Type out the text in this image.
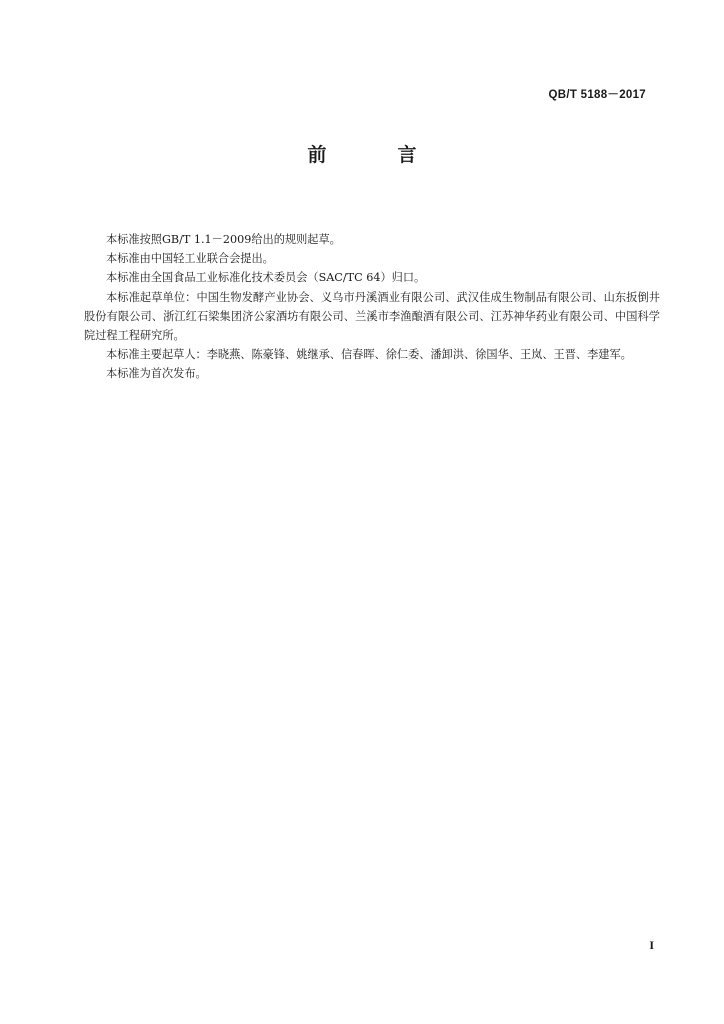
QB/T 5188－2017
前　言

本标准按照GB/T 1.1－2009给出的规则起草。

本标准由中国轻工业联合会提出。

本标准由全国食品工业标准化技术委员会（SAC/TC 64）归口。

本标准起草单位：中国生物发酵产业协会、义乌市丹溪酒业有限公司、武汉佳成生物制品有限公司、山东扳倒井股份有限公司、浙江红石梁集团济公家酒坊有限公司、兰溪市李渔酿酒有限公司、江苏神华药业有限公司、中国科学院过程工程研究所。

本标准主要起草人：李晓燕、陈豪锋、姚继承、信春晖、徐仁委、潘卸洪、徐国华、王岚、王晋、李建军。

本标准为首次发布。

I
